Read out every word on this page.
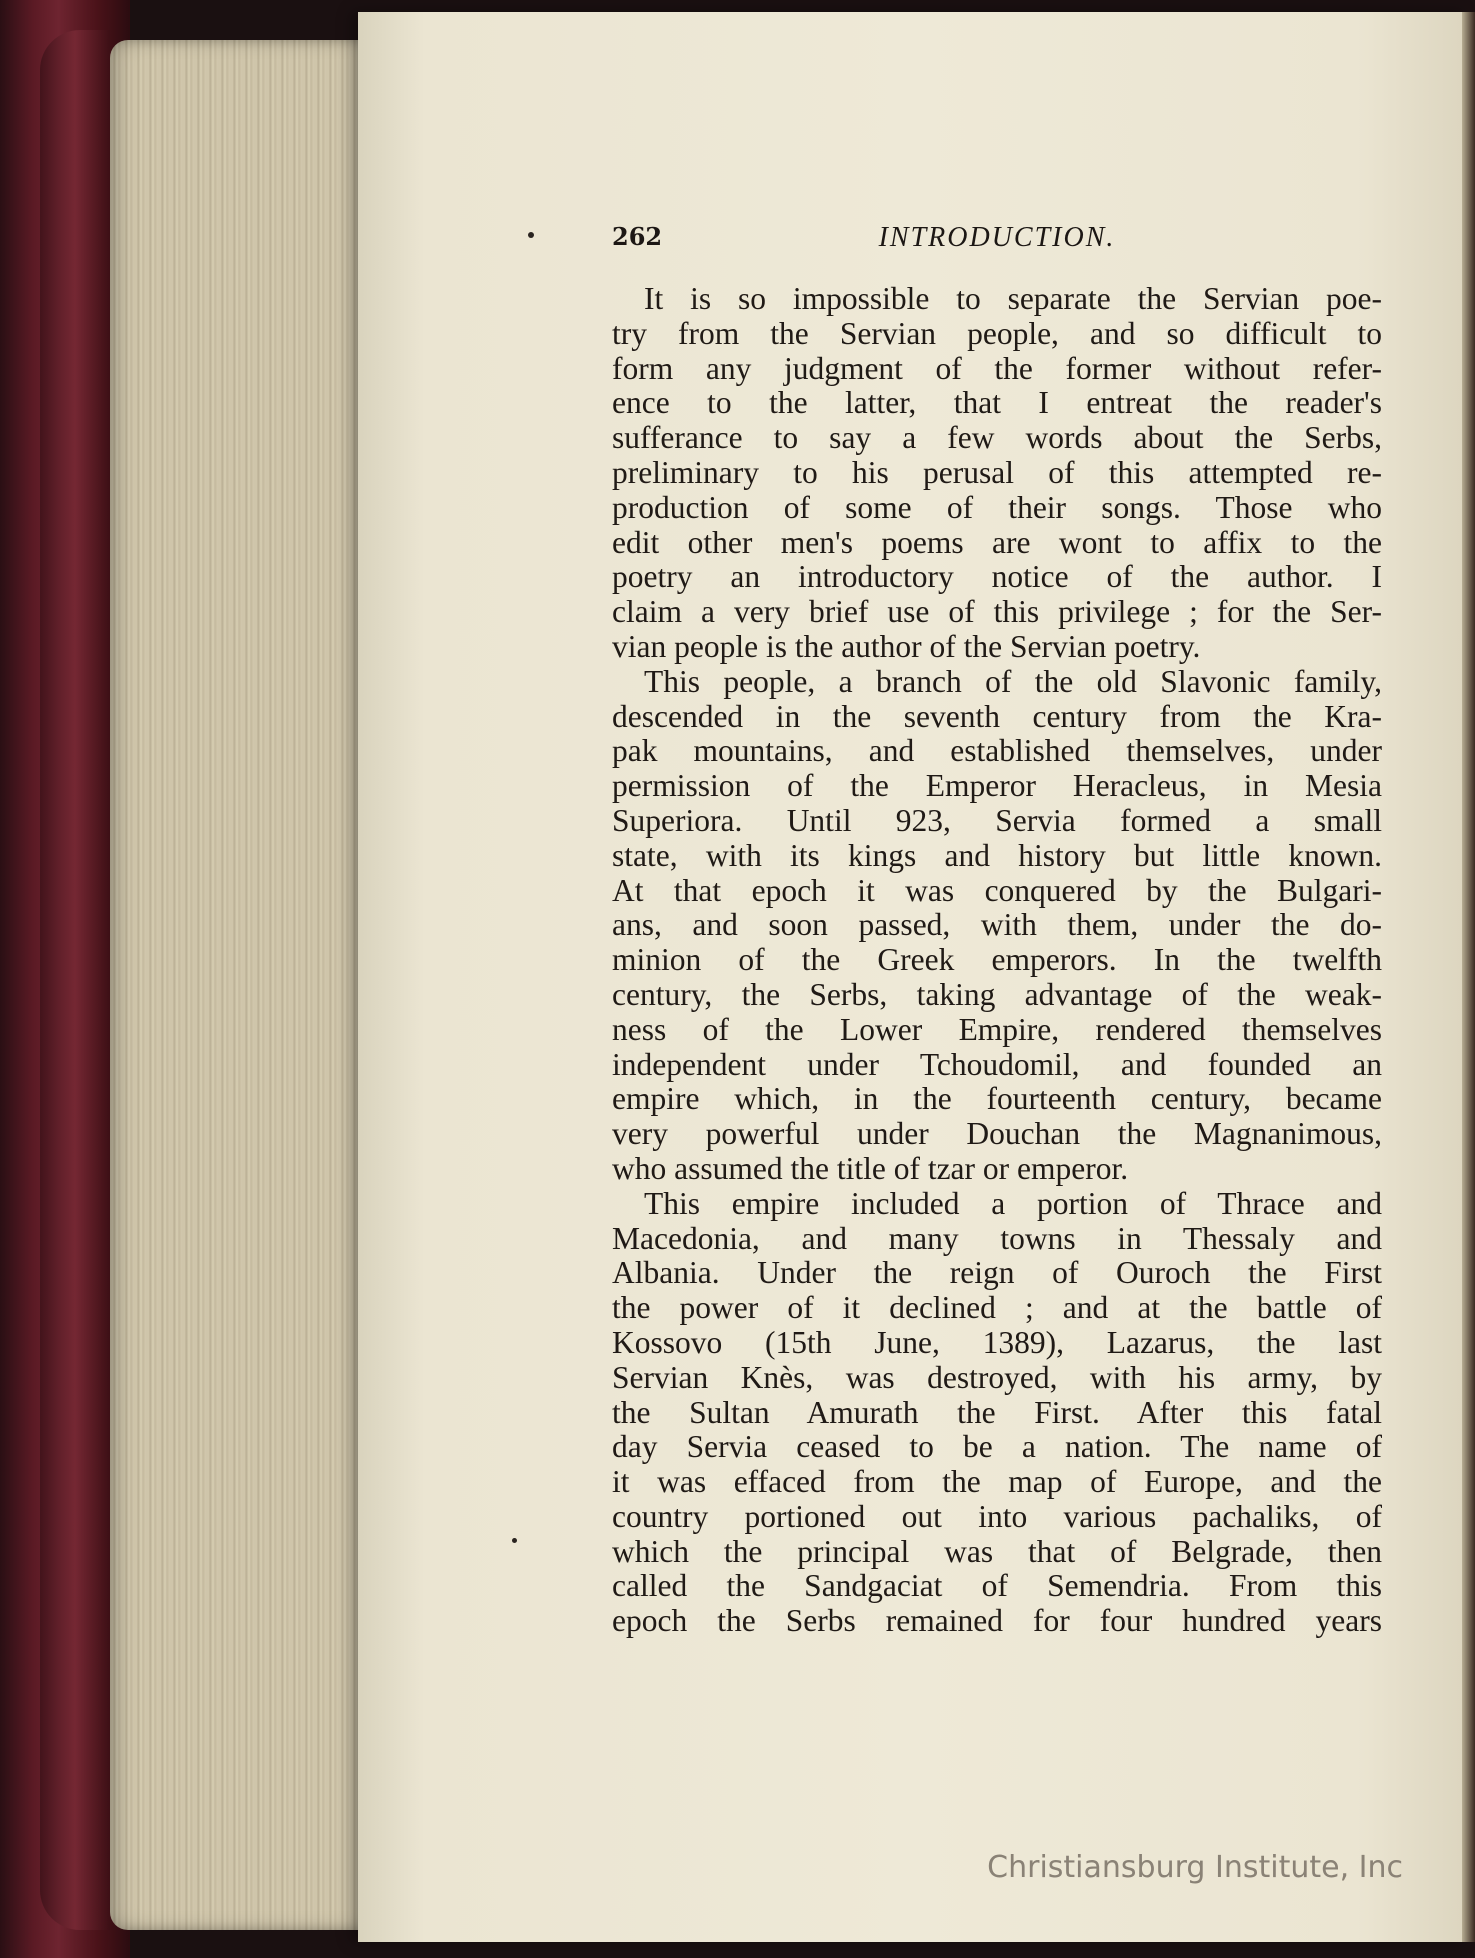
262	INTRODUCTION.
It is so impossible to separate the Servian poe-
try from the Servian people, and so difficult to
form any judgment of the former without refer-
ence to the latter, that I entreat the reader's
sufferance to say a few words about the Serbs,
preliminary to his perusal of this attempted re-
production of some of their songs. Those who
edit other men's poems are wont to affix to the
poetry an introductory notice of the author. I
claim a very brief use of this privilege ; for the Ser-
vian people is the author of the Servian poetry.
This people, a branch of the old Slavonic family,
descended in the seventh century from the Kra-
pak mountains, and established themselves, under
permission of the Emperor Heracleus, in Mesia
Superiora. Until 923, Servia formed a small
state, with its kings and history but little known.
At that epoch it was conquered by the Bulgari-
ans, and soon passed, with them, under the do-
minion of the Greek emperors. In the twelfth
century, the Serbs, taking advantage of the weak-
ness of the Lower Empire, rendered themselves
independent under Tchoudomil, and founded an
empire which, in the fourteenth century, became
very powerful under Douchan the Magnanimous,
who assumed the title of tzar or emperor.
This empire included a portion of Thrace and
Macedonia, and many towns in Thessaly and
Albania. Under the reign of Ouroch the First
the power of it declined ; and at the battle of
Kossovo (15th June, 1389), Lazarus, the last
Servian Knès, was destroyed, with his army, by
the Sultan Amurath the First. After this fatal
day Servia ceased to be a nation. The name of
it was effaced from the map of Europe, and the
country portioned out into various pachaliks, of
which the principal was that of Belgrade, then
called the Sandgaciat of Semendria. From this
epoch the Serbs remained for four hundred years
Christiansburg Institute, Inc
